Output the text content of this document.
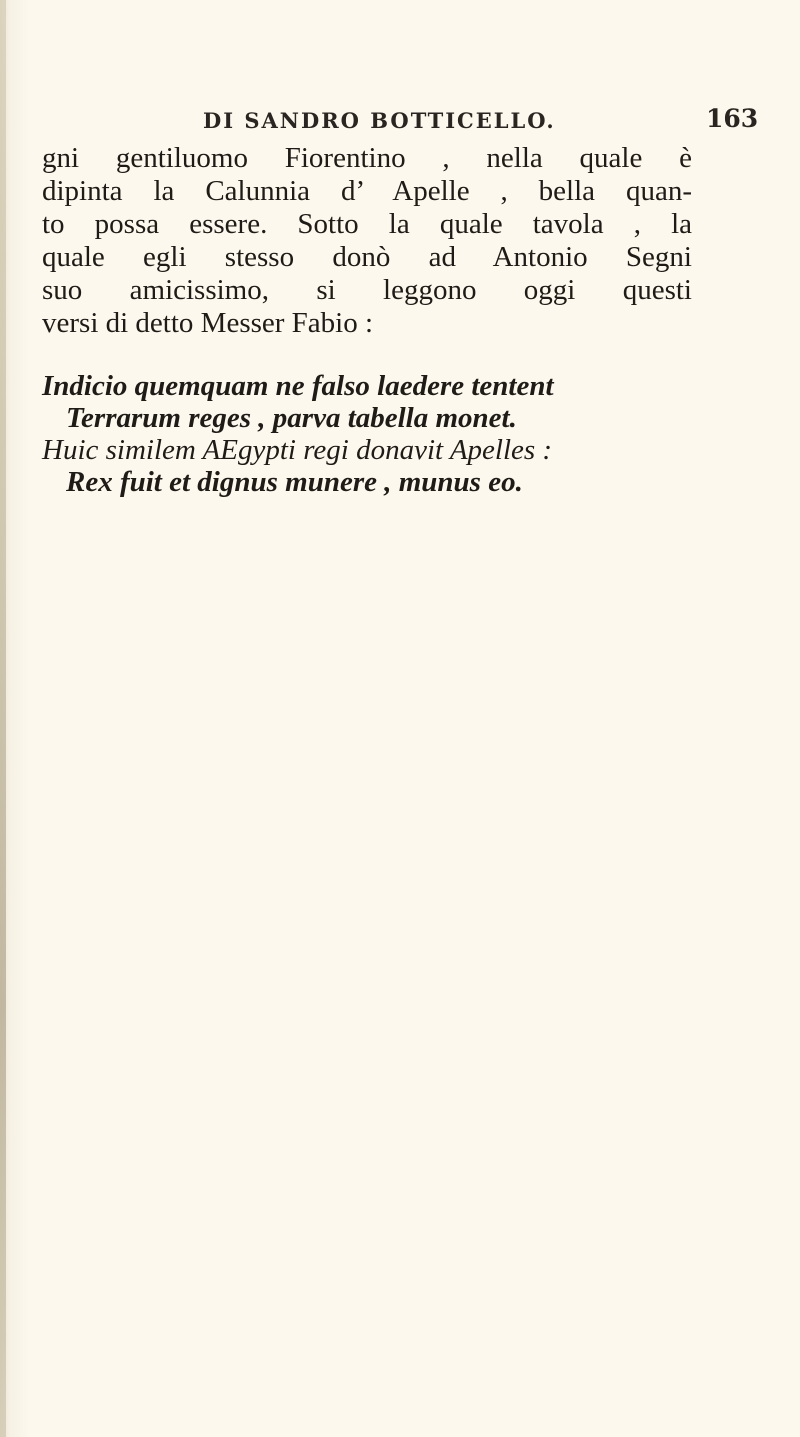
DI SANDRO BOTTICELLO.	163
gni gentiluomo Fiorentino , nella quale è
dipinta la Calunnia d’ Apelle , bella quan-
to possa essere. Sotto la quale tavola , la
quale egli stesso donò ad Antonio Segni
suo amicissimo, si leggono oggi questi
versi di detto Messer Fabio :
Indicio quemquam ne falso laedere tentent
Terrarum reges , parva tabella monet.
Huic similem AEgypti regi donavit Apelles :
Rex fuit et dignus munere , munus eo.
